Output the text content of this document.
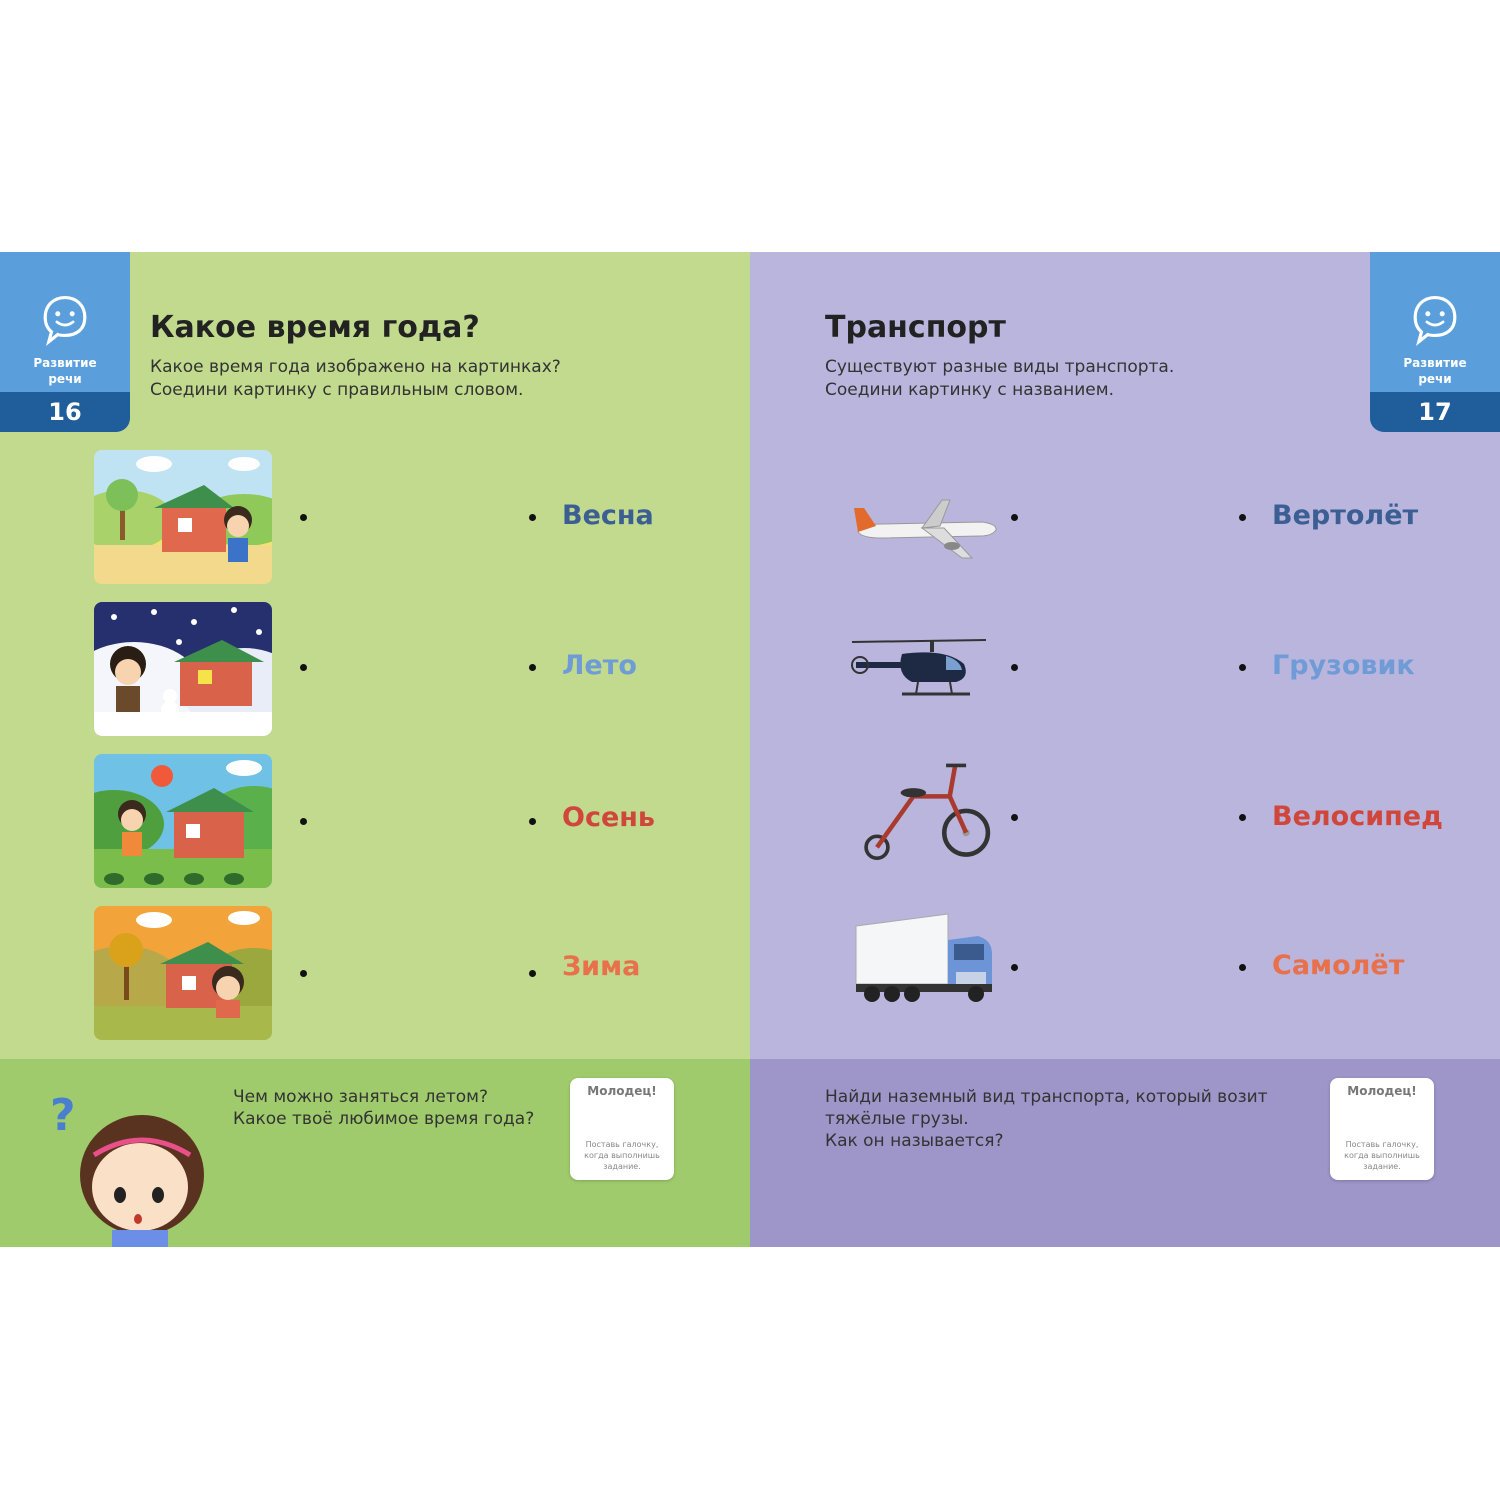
Развитие
речи
16
Какое время года?
Какое время года изображено на картинках?
Соедини картинку с правильным словом.
Весна
Лето
Осень
Зима
?	Чем можно заняться летом?
Какое твоё любимое время года?
Молодец!
Поставь галочку, когда выполнишь задание.
Развитие
речи
17
Транспорт
Существуют разные виды транспорта.
Соедини картинку с названием.
Вертолёт
Грузовик
Велосипед
Самолёт
Найди наземный вид транспорта, который возит
тяжёлые грузы.
Как он называется?
Молодец!
Поставь галочку, когда выполнишь задание.
